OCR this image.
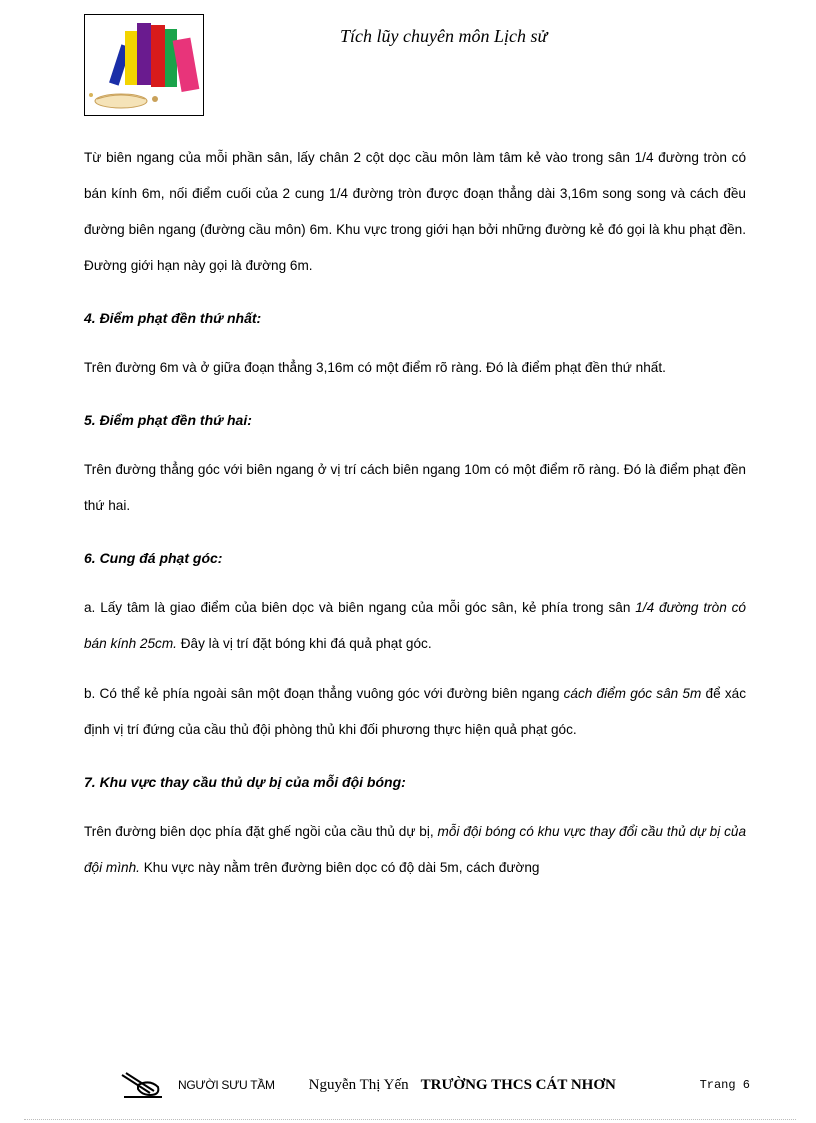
Tích lũy chuyên môn Lịch sử

Từ biên ngang của mỗi phần sân, lấy chân 2 cột dọc cầu môn làm tâm kẻ vào trong sân 1/4 đường tròn có bán kính 6m, nối điểm cuối của 2 cung 1/4 đường tròn được đoạn thẳng dài 3,16m song song và cách đều đường biên ngang (đường cầu môn) 6m. Khu vực trong giới hạn bởi những đường kẻ đó gọi là khu phạt đền. Đường giới hạn này gọi là đường 6m.

4. Điểm phạt đền thứ nhất:

Trên đường 6m và ở giữa đoạn thẳng 3,16m có một điểm rõ ràng. Đó là điểm phạt đền thứ nhất.

5. Điểm phạt đền thứ hai:

Trên đường thẳng góc với biên ngang ở vị trí cách biên ngang 10m có một điểm rõ ràng. Đó là điểm phạt đền thứ hai.

6. Cung đá phạt góc:

a. Lấy tâm là giao điểm của biên dọc và biên ngang của mỗi góc sân, kẻ phía trong sân 1/4 đường tròn có bán kính 25cm. Đây là vị trí đặt bóng khi đá quả phạt góc.

b. Có thể kẻ phía ngoài sân một đoạn thẳng vuông góc với đường biên ngang cách điểm góc sân 5m để xác định vị trí đứng của cầu thủ đội phòng thủ khi đối phương thực hiện quả phạt góc.

7. Khu vực thay cầu thủ dự bị của mỗi đội bóng:

Trên đường biên dọc phía đặt ghế ngồi của cầu thủ dự bị, mỗi đội bóng có khu vực thay đổi cầu thủ dự bị của đội mình. Khu vực này nằm trên đường biên dọc có độ dài 5m, cách đường

NGƯỜI SƯU TẦM Nguyễn Thị Yến TRƯỜNG THCS CÁT NHƠN	Trang 6
